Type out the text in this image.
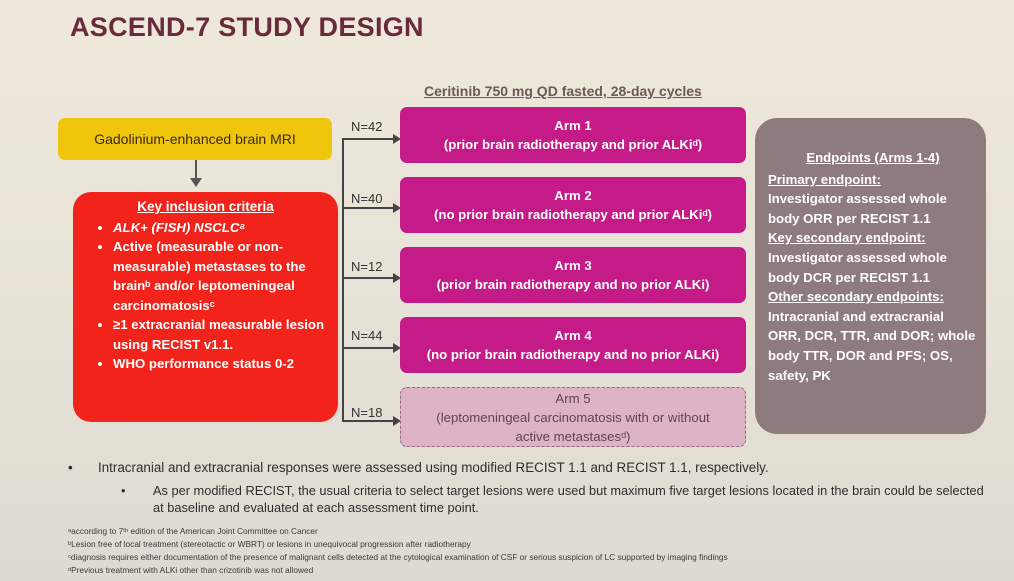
ASCEND-7 STUDY DESIGN
Ceritinib 750 mg QD fasted, 28-day cycles
Gadolinium-enhanced brain MRI
Key inclusion criteria
• ALK+ (FISH) NSCLCᵃ
• Active (measurable or non-measurable) metastases to the brainᵇ and/or leptomeningeal carcinomatosisᶜ
• ≥1 extracranial measurable lesion using RECIST v1.1.
• WHO performance status 0-2
N=42	Arm 1
(prior brain radiotherapy and prior ALKiᵈ)
N=40	Arm 2
(no prior brain radiotherapy and prior ALKiᵈ)
N=12	Arm 3
(prior brain radiotherapy and no prior ALKi)
N=44	Arm 4
(no prior brain radiotherapy and no prior ALKi)
N=18
Arm 5
(leptomeningeal carcinomatosis with or without active metastasesᵈ)
Endpoints (Arms 1-4)
Primary endpoint:
Investigator assessed whole body ORR per RECIST 1.1
Key secondary endpoint:
Investigator assessed whole body DCR per RECIST 1.1
Other secondary endpoints:
Intracranial and extracranial ORR, DCR, TTR, and DOR; whole body TTR, DOR and PFS; OS, safety, PK
• Intracranial and extracranial responses were assessed using modified RECIST 1.1 and RECIST 1.1, respectively.
•	As per modified RECIST, the usual criteria to select target lesions were used but maximum five target lesions located in the brain could be selected at baseline and evaluated at each assessment time point.
ᵃaccording to 7ᵗʰ edition of the American Joint Committee on Cancer
ᵇLesion free of local treatment (stereotactic or WBRT) or lesions in unequivocal progression after radiotherapy
ᶜdiagnosis requires either documentation of the presence of malignant cells detected at the cytological examination of CSF or serious suspicion of LC supported by imaging findings
ᵈPrevious treatment with ALKi other than crizotinib was not allowed
